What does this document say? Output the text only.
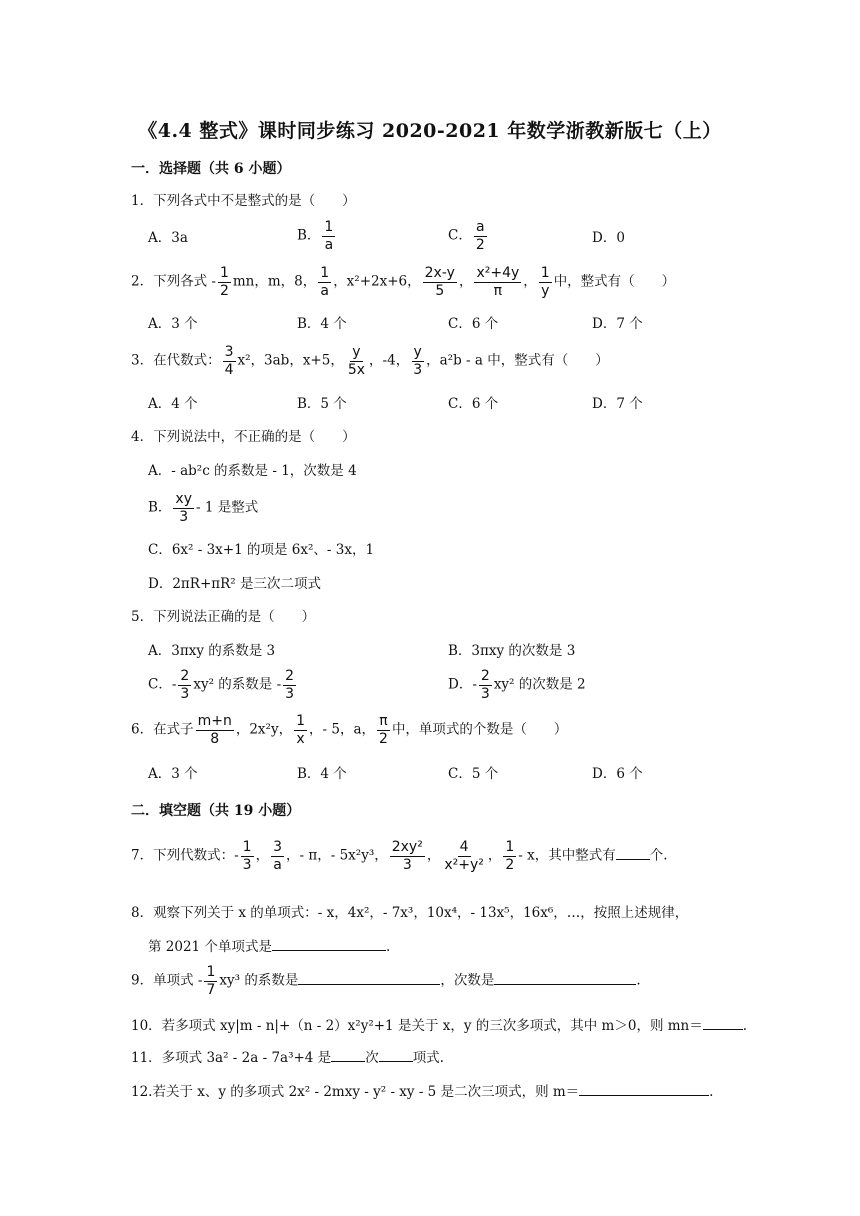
《4.4 整式》课时同步练习 2020-2021 年数学浙教新版七（上）
一．选择题（共 6 小题）
1．下列各式中不是整式的是（　　）
A．3a	B． $\frac{1}{a}$	C． $\frac{a}{2}$	D．0
2．下列各式 - $\frac{1}{2}$ mn，m，8， $\frac{1}{a}$ ，x²+2x+6， $\frac{2x-y}{5}$ ， $\frac{\text{x²+4y}}{\pi}$ ， $\frac{1}{y}$ 中，整式有（　　）
A．3 个	B．4 个	C．6 个	D．7 个
3．在代数式： $\frac{3}{4} x^2$，3ab，x+5， $\frac{y}{5x}$ ，-4， $\frac{y}{3}$ ，a²b - a 中，整式有（　　）
A．4 个	B．5 个	C．6 个	D．7 个
4．下列说法中，不正确的是（　　）
A．- ab²c 的系数是 - 1，次数是 4
B． $\frac{xy}{3} - 1$ 是整式
C．6x² - 3x+1 的项是 6x²、- 3x，1
D．2πR+πR² 是三次二项式
5．下列说法正确的是（　　）
A．3πxy 的系数是 3	B．3πxy 的次数是 3
C．- $\frac{2}{3} xy^2$ 的系数是 - $\frac{2}{3}$	D．- $\frac{2}{3} xy^2$ 的次数是 2
6．在式子 $\frac{m+n}{8}$ ，2x²y， $\frac{1}{x}$ ，- 5，a， $\frac{\pi}{2}$ 中，单项式的个数是（　　）
A．3 个	B．4 个	C．5 个	D．6 个
二．填空题（共 19 小题）
7．下列代数式：- $\frac{1}{3}$ ， $\frac{3}{a}$ ，- π，- 5x²y³， $\frac{\text{2xy²}}{3}$ ， $\frac{4}{\text{x²+y²}}$ ， $\frac{1}{2}$ - x，其中整式有	个.
8．观察下列关于 x 的单项式：- x，4x²，- 7x³，10x⁴，- 13x⁵，16x⁶，…，按照上述规律，
第 2021 个单项式是	.
9．单项式 - $\frac{1}{7} xy^3$ 的系数是	，次数是	.
10．若多项式 xy|m - n|+（n - 2）x²y²+1 是关于 x，y 的三次多项式，其中 m＞0，则 mn＝	.
11．多项式 3a² - 2a - 7a³+4 是	次	项式.
12.若关于 x、y 的多项式 2x² - 2mxy - y² - xy - 5 是二次三项式，则 m＝	.
